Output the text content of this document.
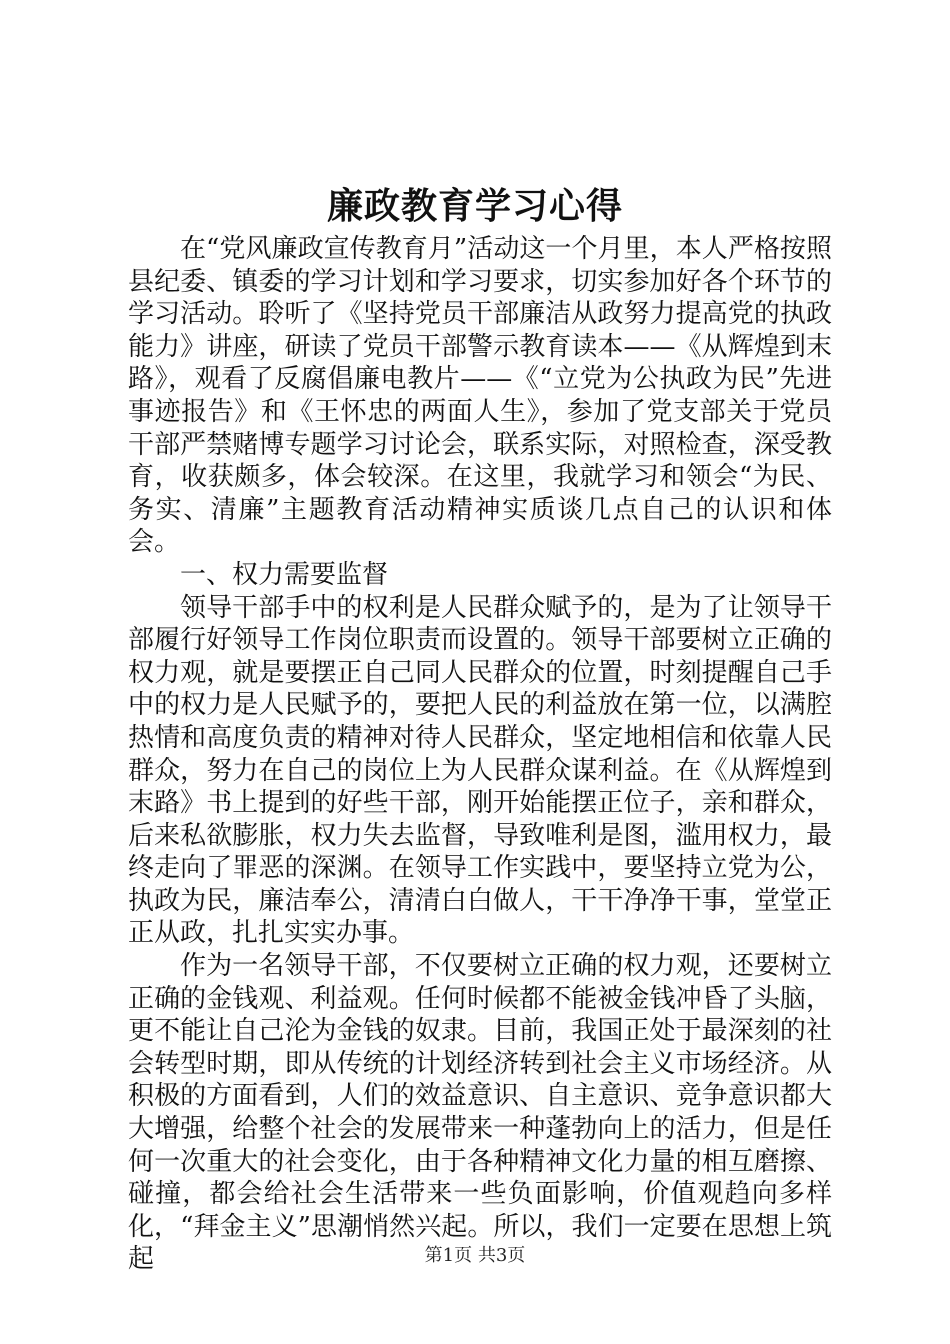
廉政教育学习心得

在“党风廉政宣传教育月”活动这一个月里，本人严格按照县纪委、镇委的学习计划和学习要求，切实参加好各个环节的学习活动。聆听了《坚持党员干部廉洁从政努力提高党的执政能力》讲座，研读了党员干部警示教育读本——《从辉煌到末路》，观看了反腐倡廉电教片——《“立党为公执政为民”先进事迹报告》和《王怀忠的两面人生》，参加了党支部关于党员干部严禁赌博专题学习讨论会，联系实际，对照检查，深受教育，收获颇多，体会较深。在这里，我就学习和领会“为民、务实、清廉”主题教育活动精神实质谈几点自己的认识和体会。

一、权力需要监督

领导干部手中的权利是人民群众赋予的，是为了让领导干部履行好领导工作岗位职责而设置的。领导干部要树立正确的权力观，就是要摆正自己同人民群众的位置，时刻提醒自己手中的权力是人民赋予的，要把人民的利益放在第一位，以满腔热情和高度负责的精神对待人民群众，坚定地相信和依靠人民群众，努力在自己的岗位上为人民群众谋利益。在《从辉煌到末路》书上提到的好些干部，刚开始能摆正位子，亲和群众，后来私欲膨胀，权力失去监督，导致唯利是图，滥用权力，最终走向了罪恶的深渊。在领导工作实践中，要坚持立党为公，执政为民，廉洁奉公，清清白白做人，干干净净干事，堂堂正正从政，扎扎实实办事。

作为一名领导干部，不仅要树立正确的权力观，还要树立正确的金钱观、利益观。任何时候都不能被金钱冲昏了头脑，更不能让自己沦为金钱的奴隶。目前，我国正处于最深刻的社会转型时期，即从传统的计划经济转到社会主义市场经济。从积极的方面看到，人们的效益意识、自主意识、竞争意识都大大增强，给整个社会的发展带来一种蓬勃向上的活力，但是任何一次重大的社会变化，由于各种精神文化力量的相互磨擦、碰撞，都会给社会生活带来一些负面影响，价值观趋向多样化，“拜金主义”思潮悄然兴起。所以，我们一定要在思想上筑起	第1页 共3页
